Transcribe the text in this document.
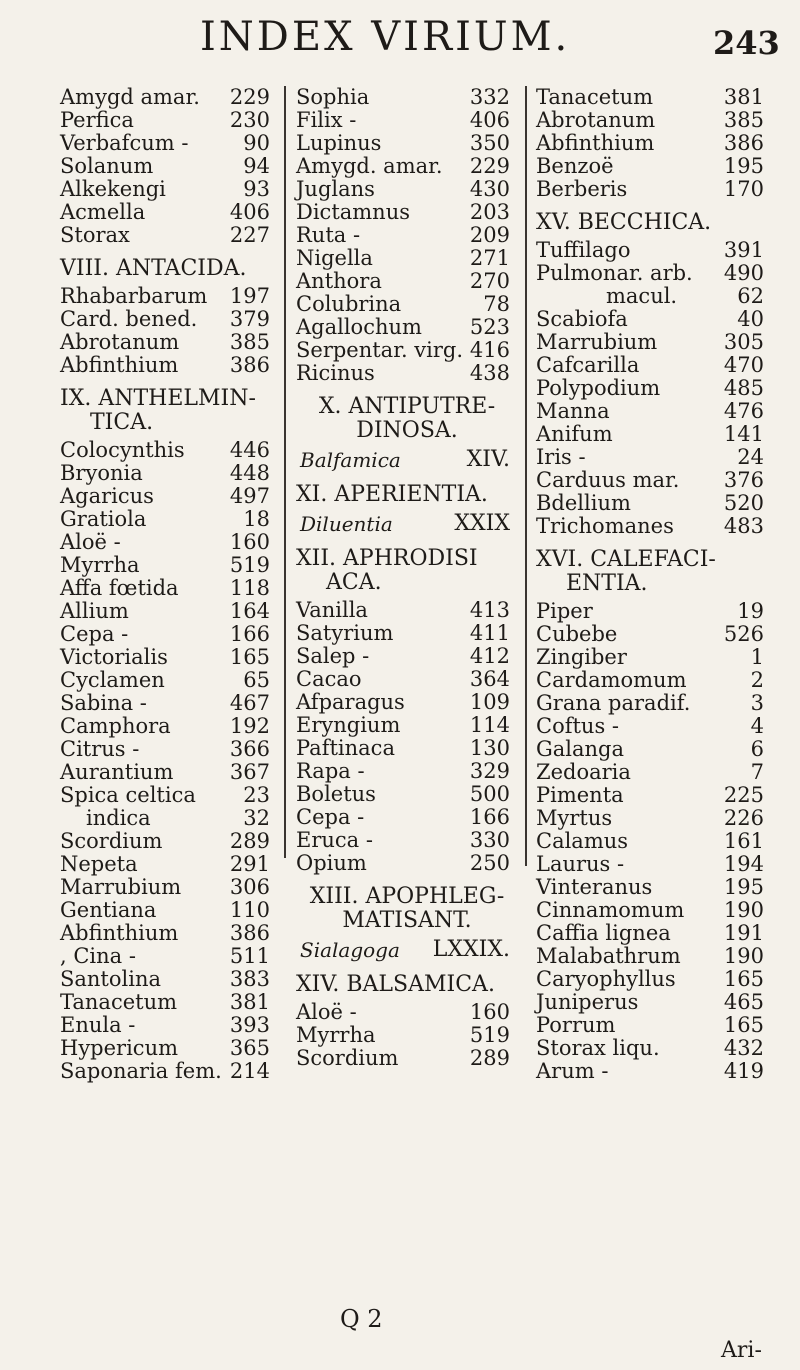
INDEX VIRIUM.	243
Amygd amar. 229
Perfica	230
Verbafcum -	90
Solanum	94
Alkekengi	93
Acmella	406
Storax	227
VIII. ANTACIDA.
Rhabarbarum 197
Card. bened. 379
Abrotanum 385
Abfinthium 386
IX. ANTHELMIN-
TICA.
Colocynthis 446
Bryonia	448
Agaricus	497
Gratiola	18
Aloë -	160
Myrrha	519
Affa fœtida 118
Allium	164
Cepa -	166
Victorialis	165
Cyclamen	65
Sabina -	467
Camphora	192
Citrus -	366
Aurantium	367
Spica celtica 23
indica	32
Scordium	289
Nepeta	291
Marrubium 306
Gentiana	110
Abfinthium 386
, Cina -	511
Santolina	383
Tanacetum	381
Enula -	393
Hypericum 365
Saponaria fem. 214
Sophia	332
Filix -	406
Lupinus	350
Amygd. amar. 229
Juglans	430
Dictamnus	203
Ruta -	209
Nigella	271
Anthora	270
Colubrina	78
Agallochum 523
Serpentar. virg. 416
Ricinus	438
X. ANTIPUTRE-
DINOSA.
Balfamica	XIV.
XI. APERIENTIA.
Diluentia	XXIX
XII. APHRODISI
ACA.
Vanilla	413
Satyrium	411
Salep -	412
Cacao	364
Afparagus	109
Eryngium	114
Paftinaca	130
Rapa -	329
Boletus	500
Cepa -	166
Eruca -	330
Opium	250
XIII. APOPHLEG-
MATISANT.
Sialagoga LXXIX.
XIV. BALSAMICA.
Aloë -	160
Myrrha	519
Scordium	289
Tanacetum	381
Abrotanum	385
Abfinthium	386
Benzoë	195
Berberis	170
XV. BECCHICA.
Tuffilago	391
Pulmonar. arb. 490
macul.	62
Scabiofa	40
Marrubium	305
Cafcarilla	470
Polypodium	485
Manna	476
Anifum	141
Iris -	24
Carduus mar. 376
Bdellium	520
Trichomanes 483
XVI. CALEFACI-
ENTIA.
Piper	19
Cubebe	526
Zingiber	1
Cardamomum	2
Grana paradif.	3
Coftus -	4
Galanga	6
Zedoaria	7
Pimenta	225
Myrtus	226
Calamus	161
Laurus -	194
Vinteranus	195
Cinnamomum 190
Caffia lignea	191
Malabathrum 190
Caryophyllus 165
Juniperus	465
Porrum	165
Storax liqu.	432
Arum -	419
Q 2
Ari-
